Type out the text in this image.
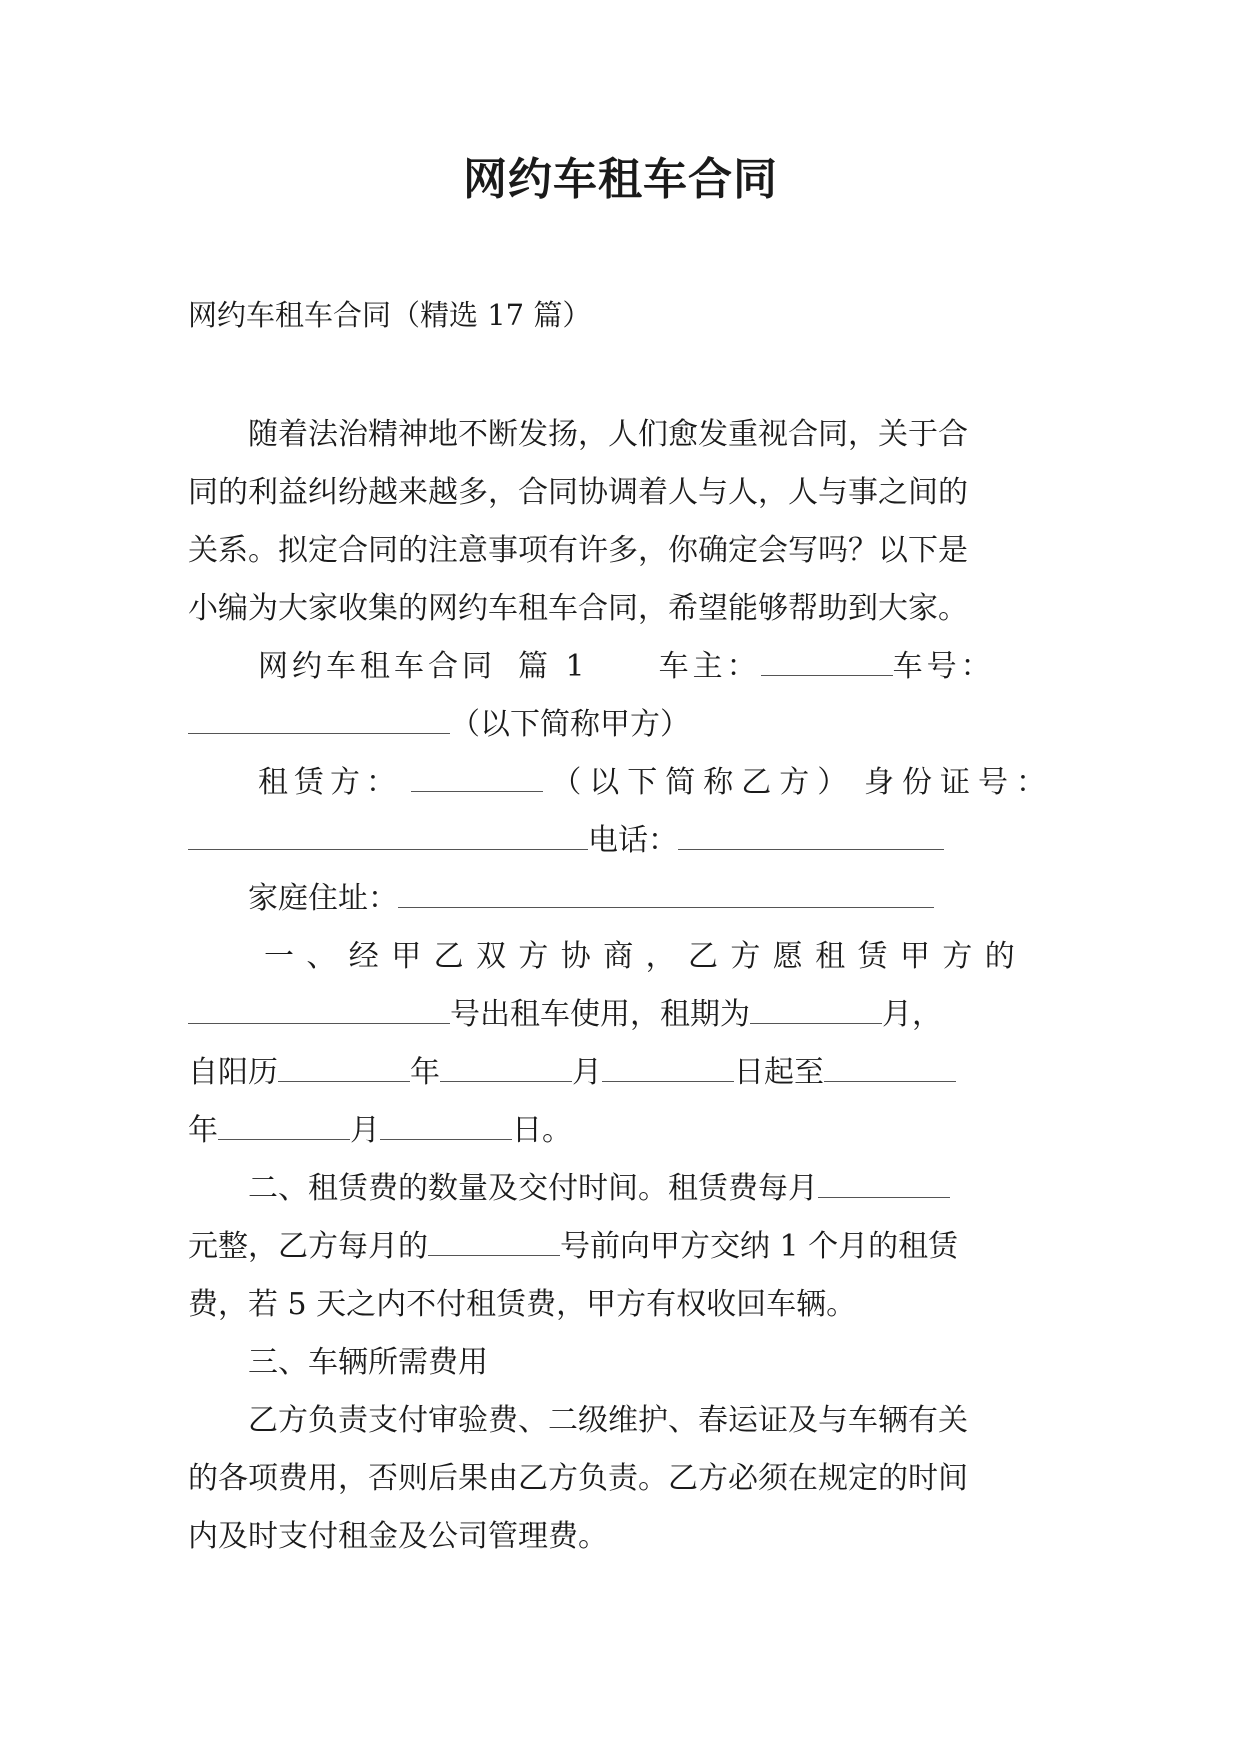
网约车租车合同
网约车租车合同（精选 17 篇）
随着法治精神地不断发扬，人们愈发重视合同，关于合
同的利益纠纷越来越多，合同协调着人与人，人与事之间的
关系。拟定合同的注意事项有许多，你确定会写吗？以下是
小编为大家收集的网约车租车合同，希望能够帮助到大家。
网约车租车合同 篇 1 车主：	车号：
（以下简称甲方）
租赁方：	（以下简称乙方） 身份证号：
电话：
家庭住址：
一、经甲乙双方协商，乙方愿租赁甲方的
号出租车使用，租期为	月，
自阳历	年	月	日起至
年	月	日。
二、租赁费的数量及交付时间。租赁费每月
元整，乙方每月的	号前向甲方交纳 1 个月的租赁
费，若 5 天之内不付租赁费，甲方有权收回车辆。
三、车辆所需费用
乙方负责支付审验费、二级维护、春运证及与车辆有关
的各项费用，否则后果由乙方负责。乙方必须在规定的时间
内及时支付租金及公司管理费。
